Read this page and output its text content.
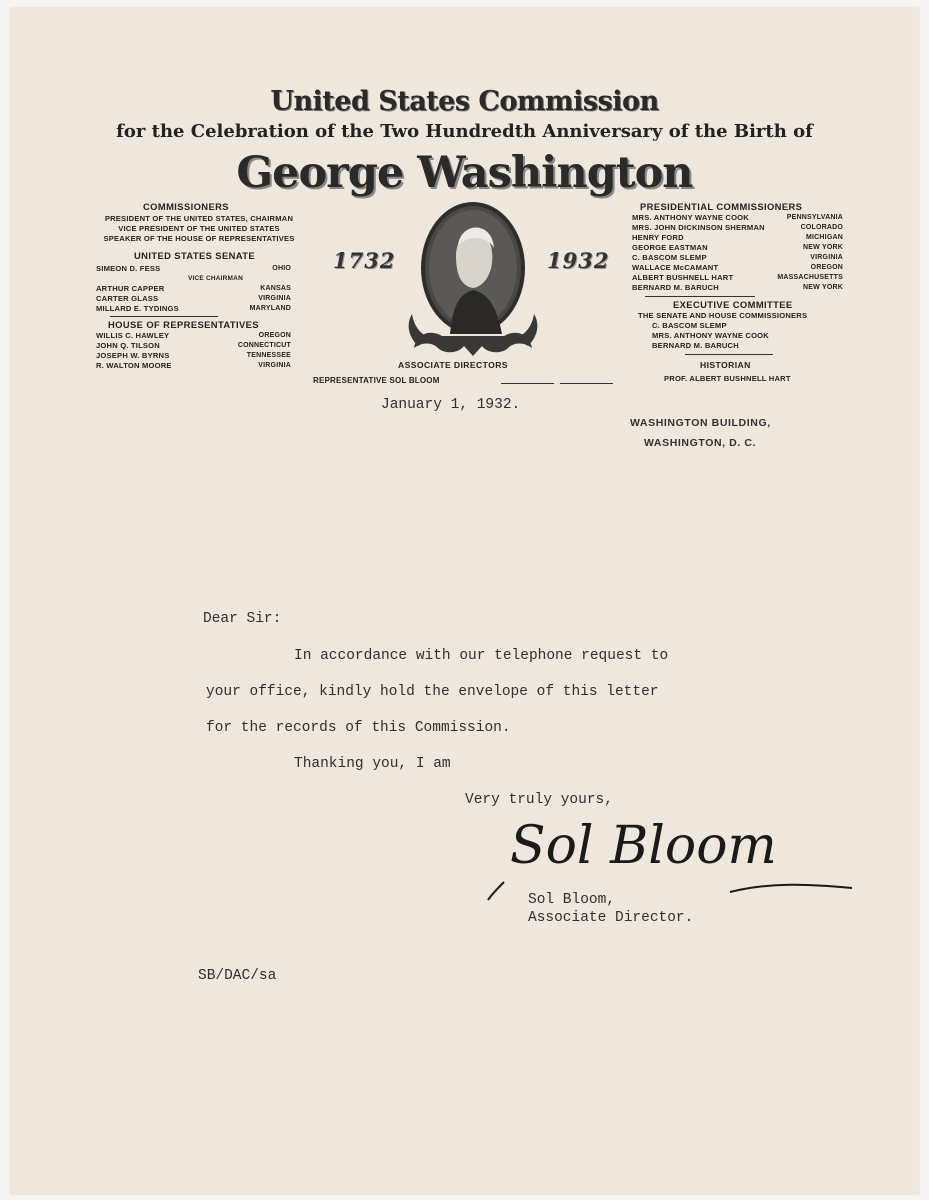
United States Commission
for the Celebration of the Two Hundredth Anniversary of the Birth of
George Washington
COMMISSIONERS
PRESIDENT OF THE UNITED STATES, CHAIRMAN
VICE PRESIDENT OF THE UNITED STATES
SPEAKER OF THE HOUSE OF REPRESENTATIVES
UNITED STATES SENATE
SIMEON D. FESS	OHIO
VICE CHAIRMAN
ARTHUR CAPPER	KANSAS
CARTER GLASS	VIRGINIA
MILLARD E. TYDINGS	MARYLAND
HOUSE OF REPRESENTATIVES
WILLIS C. HAWLEY	OREGON
JOHN Q. TILSON	CONNECTICUT
JOSEPH W. BYRNS	TENNESSEE
R. WALTON MOORE	VIRGINIA
1732	1932
ASSOCIATE DIRECTORS
REPRESENTATIVE SOL BLOOM
PRESIDENTIAL COMMISSIONERS
MRS. ANTHONY WAYNE COOK	PENNSYLVANIA
MRS. JOHN DICKINSON SHERMAN	COLORADO
HENRY FORD	MICHIGAN
GEORGE EASTMAN	NEW YORK
C. BASCOM SLEMP	VIRGINIA
WALLACE McCAMANT	OREGON
ALBERT BUSHNELL HART	MASSACHUSETTS
BERNARD M. BARUCH	NEW YORK
EXECUTIVE COMMITTEE
THE SENATE AND HOUSE COMMISSIONERS
C. BASCOM SLEMP
MRS. ANTHONY WAYNE COOK
BERNARD M. BARUCH
HISTORIAN
PROF. ALBERT BUSHNELL HART
January 1, 1932.
WASHINGTON BUILDING,
WASHINGTON, D. C.
Dear Sir:
In accordance with our telephone request to
your office, kindly hold the envelope of this letter
for the records of this Commission.
Thanking you, I am
Very truly yours,
Sol Bloom
Sol Bloom,
Associate Director.
SB/DAC/sa
